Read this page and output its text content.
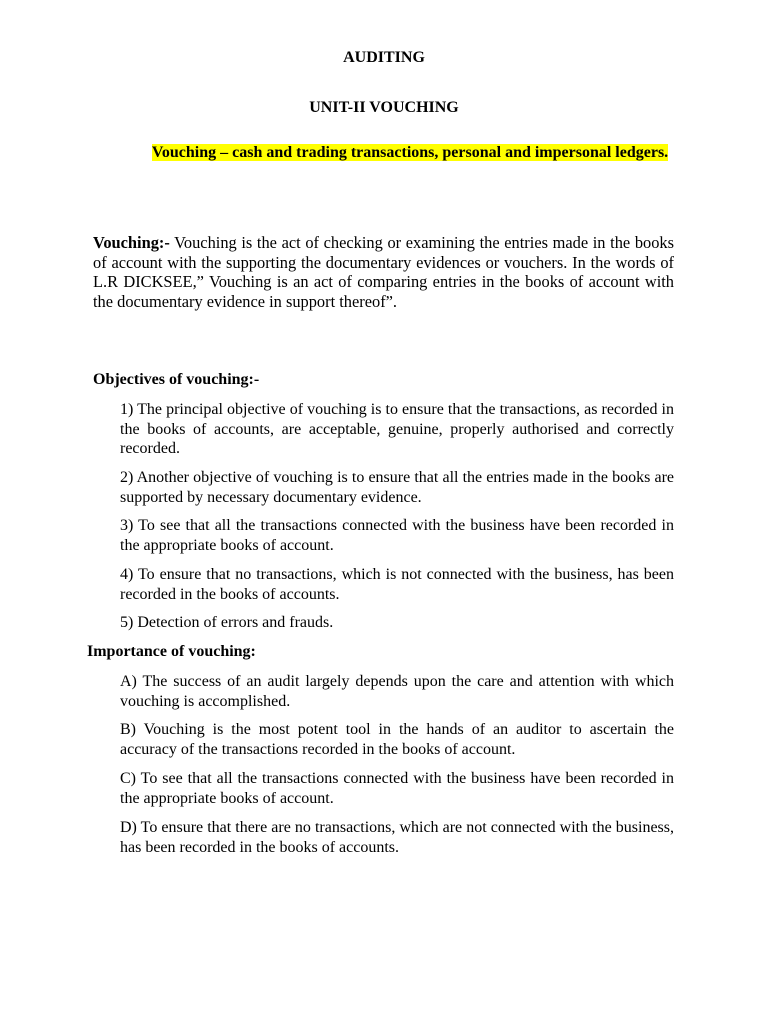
AUDITING
UNIT-II VOUCHING
Vouching – cash and trading transactions, personal and impersonal ledgers.
Vouching:- Vouching is the act of checking or examining the entries made in the books of account with the supporting the documentary evidences or vouchers. In the words of L.R DICKSEE,” Vouching is an act of comparing entries in the books of account with the documentary evidence in support thereof”.
Objectives of vouching:-
1) The principal objective of vouching is to ensure that the transactions, as recorded in the books of accounts, are acceptable, genuine, properly authorised and correctly recorded.
2) Another objective of vouching is to ensure that all the entries made in the books are supported by necessary documentary evidence.
3) To see that all the transactions connected with the business have been recorded in the appropriate books of account.
4) To ensure that no transactions, which is not connected with the business, has been recorded in the books of accounts.
5) Detection of errors and frauds.
Importance of vouching:
A) The success of an audit largely depends upon the care and attention with which vouching is accomplished.
B) Vouching is the most potent tool in the hands of an auditor to ascertain the accuracy of the transactions recorded in the books of account.
C) To see that all the transactions connected with the business have been recorded in the appropriate books of account.
D) To ensure that there are no transactions, which are not connected with the business, has been recorded in the books of accounts.
